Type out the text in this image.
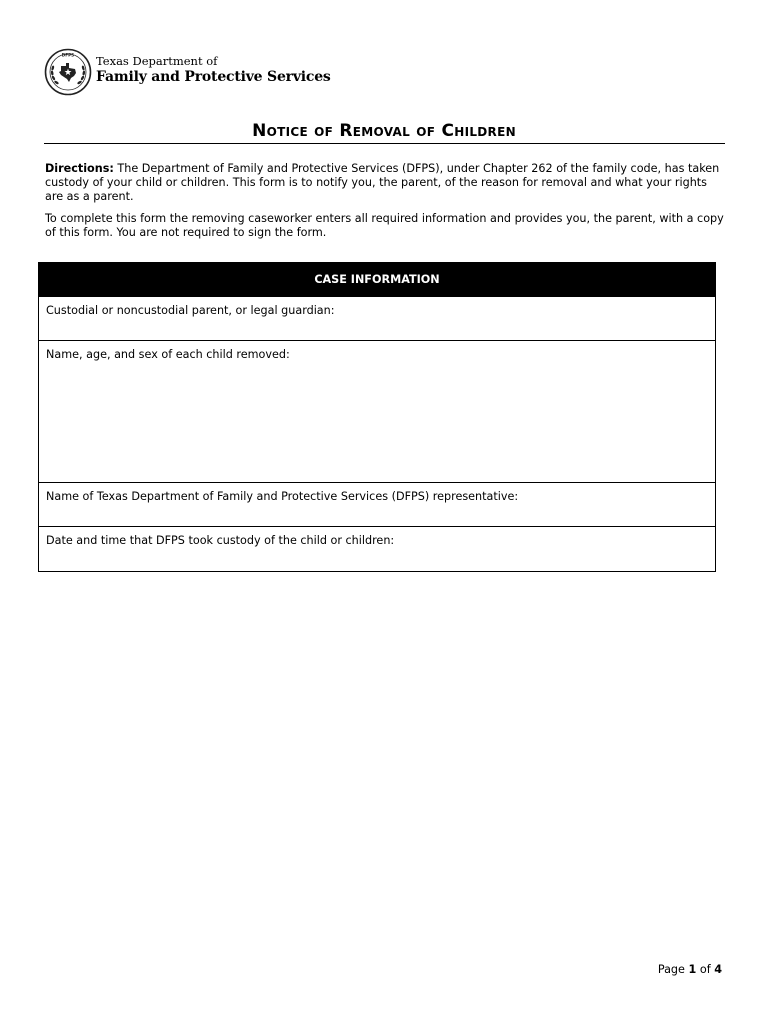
DFPS Texas Department of
Family and Protective Services
Notice of Removal of Children

Directions: The Department of Family and Protective Services (DFPS), under Chapter 262 of the family code, has taken custody of your child or children. This form is to notify you, the parent, of the reason for removal and what your rights are as a parent.

To complete this form the removing caseworker enters all required information and provides you, the parent, with a copy of this form. You are not required to sign the form.

CASE INFORMATION
Custodial or noncustodial parent, or legal guardian:
Name, age, and sex of each child removed:
Name of Texas Department of Family and Protective Services (DFPS) representative:
Date and time that DFPS took custody of the child or children:
Page 1 of 4
